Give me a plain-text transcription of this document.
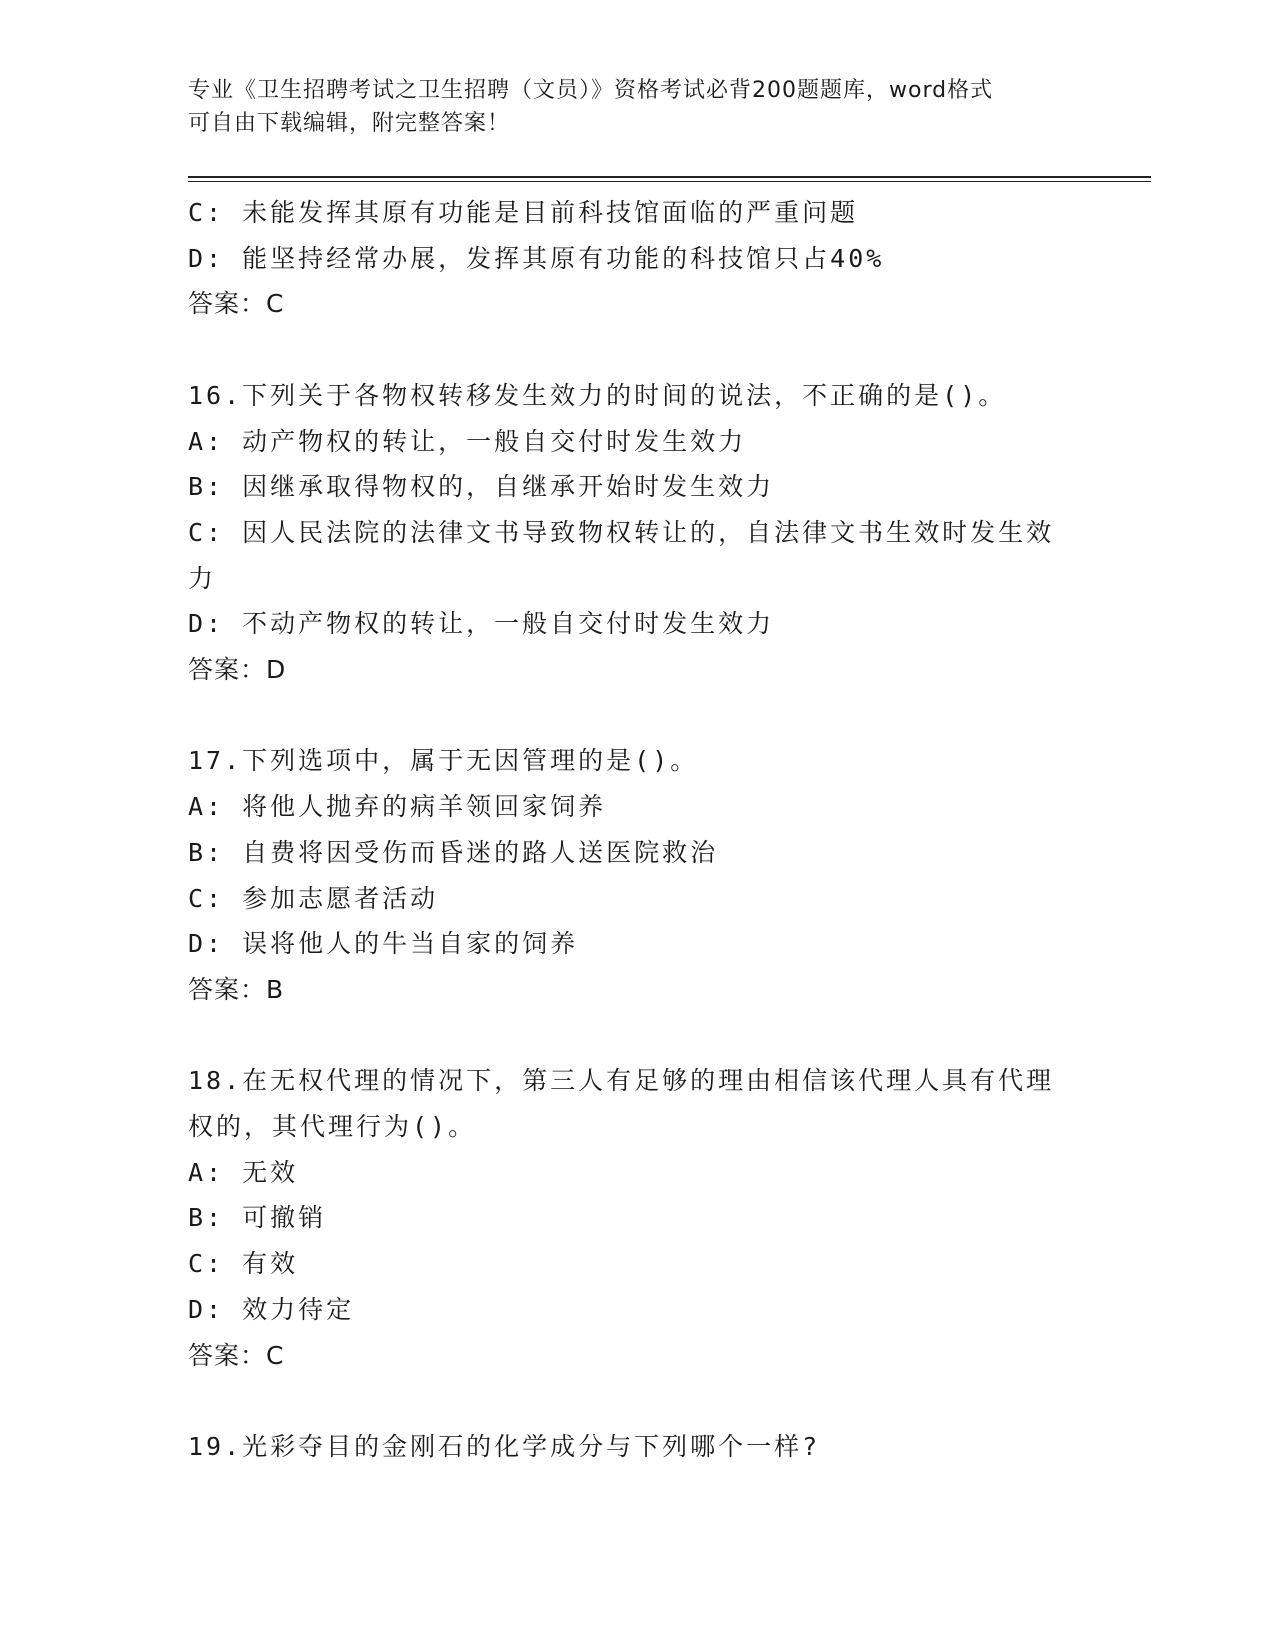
专业《卫生招聘考试之卫生招聘（文员）》资格考试必背200题题库，word格式
可自由下载编辑，附完整答案！
C: 未能发挥其原有功能是目前科技馆面临的严重问题
D: 能坚持经常办展，发挥其原有功能的科技馆只占40%
答案：C
16.下列关于各物权转移发生效力的时间的说法，不正确的是()。
A: 动产物权的转让，一般自交付时发生效力
B: 因继承取得物权的，自继承开始时发生效力
C: 因人民法院的法律文书导致物权转让的，自法律文书生效时发生效
力
D: 不动产物权的转让，一般自交付时发生效力
答案：D
17.下列选项中，属于无因管理的是()。
A: 将他人抛弃的病羊领回家饲养
B: 自费将因受伤而昏迷的路人送医院救治
C: 参加志愿者活动
D: 误将他人的牛当自家的饲养
答案：B
18.在无权代理的情况下，第三人有足够的理由相信该代理人具有代理
权的，其代理行为()。
A: 无效
B: 可撤销
C: 有效
D: 效力待定
答案：C
19.光彩夺目的金刚石的化学成分与下列哪个一样?
